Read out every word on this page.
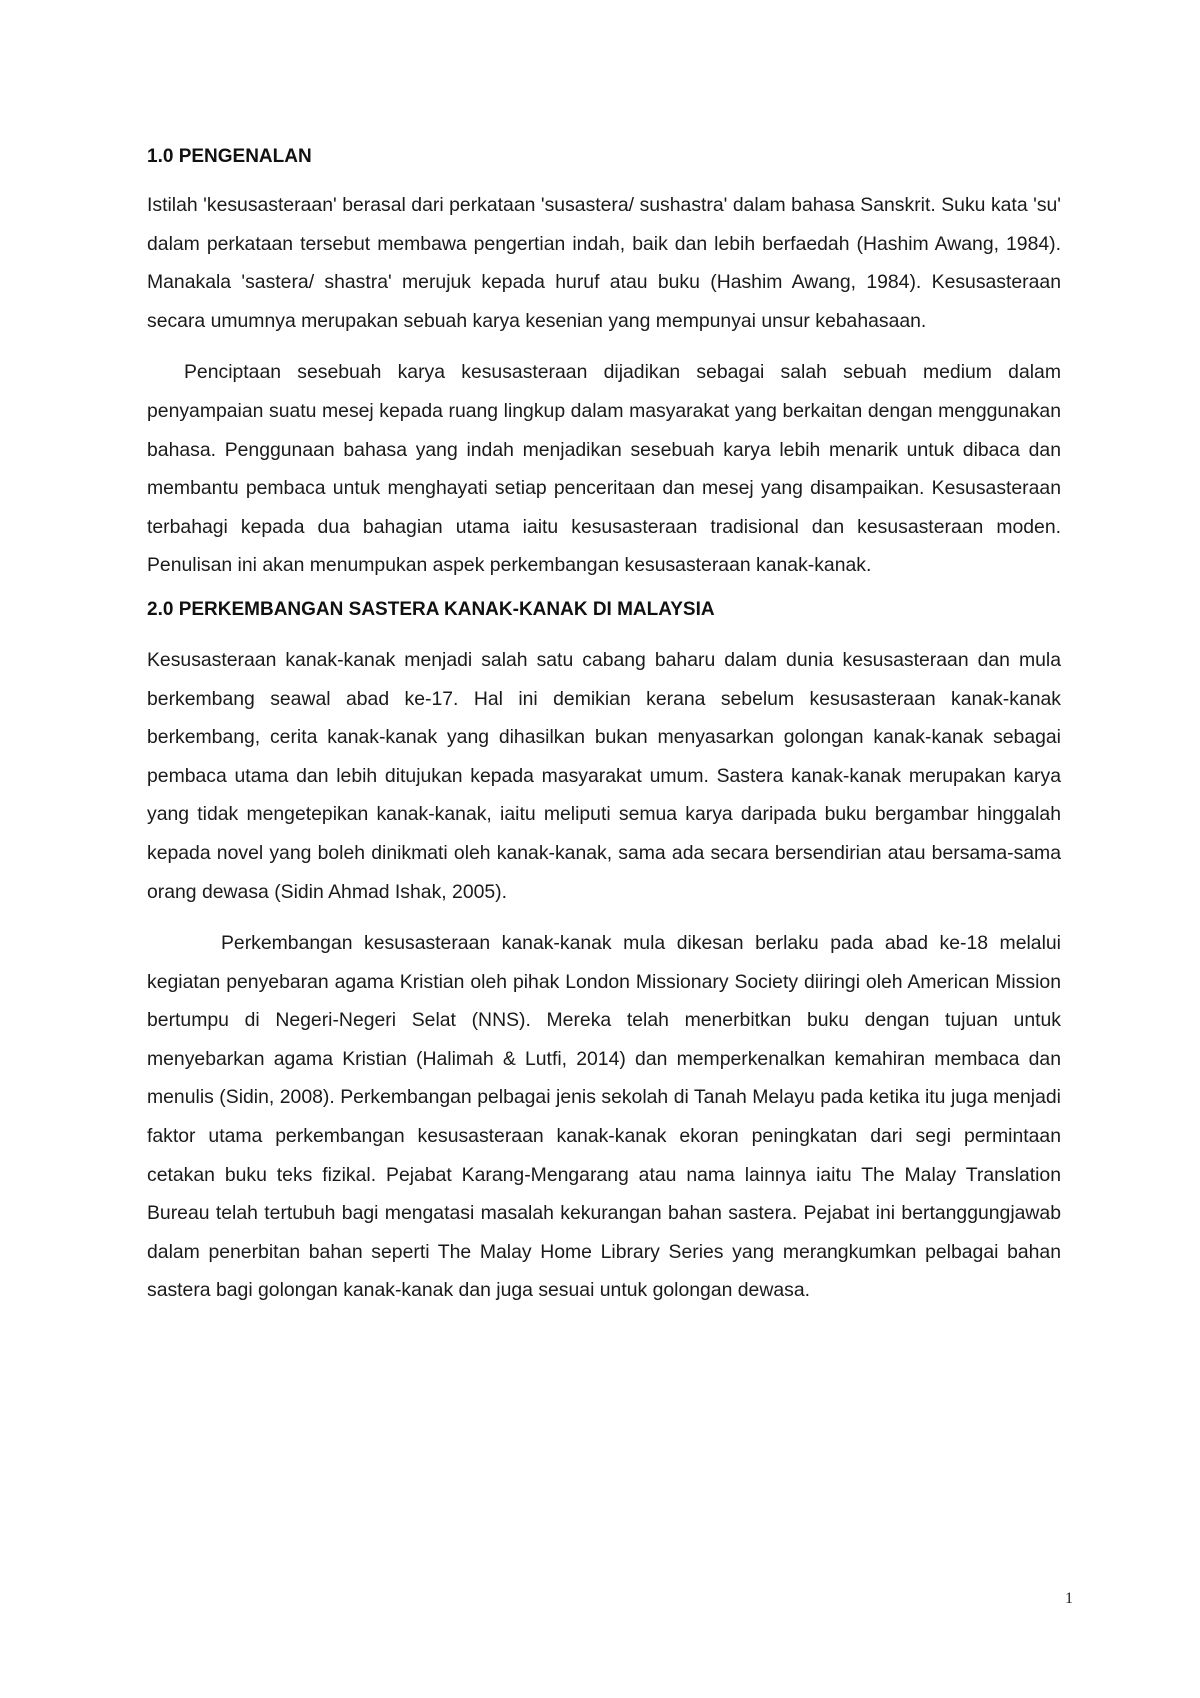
1.0 PENGENALAN

Istilah 'kesusasteraan' berasal dari perkataan 'susastera/ sushastra' dalam bahasa Sanskrit. Suku kata 'su' dalam perkataan tersebut membawa pengertian indah, baik dan lebih berfaedah (Hashim Awang, 1984). Manakala 'sastera/ shastra' merujuk kepada huruf atau buku (Hashim Awang, 1984). Kesusasteraan secara umumnya merupakan sebuah karya kesenian yang mempunyai unsur kebahasaan.

Penciptaan sesebuah karya kesusasteraan dijadikan sebagai salah sebuah medium dalam penyampaian suatu mesej kepada ruang lingkup dalam masyarakat yang berkaitan dengan menggunakan bahasa. Penggunaan bahasa yang indah menjadikan sesebuah karya lebih menarik untuk dibaca dan membantu pembaca untuk menghayati setiap penceritaan dan mesej yang disampaikan. Kesusasteraan terbahagi kepada dua bahagian utama iaitu kesusasteraan tradisional dan kesusasteraan moden. Penulisan ini akan menumpukan aspek perkembangan kesusasteraan kanak-kanak.

2.0 PERKEMBANGAN SASTERA KANAK-KANAK DI MALAYSIA

Kesusasteraan kanak-kanak menjadi salah satu cabang baharu dalam dunia kesusasteraan dan mula berkembang seawal abad ke-17. Hal ini demikian kerana sebelum kesusasteraan kanak-kanak berkembang, cerita kanak-kanak yang dihasilkan bukan menyasarkan golongan kanak-kanak sebagai pembaca utama dan lebih ditujukan kepada masyarakat umum. Sastera kanak-kanak merupakan karya yang tidak mengetepikan kanak-kanak, iaitu meliputi semua karya daripada buku bergambar hinggalah kepada novel yang boleh dinikmati oleh kanak-kanak, sama ada secara bersendirian atau bersama-sama orang dewasa (Sidin Ahmad Ishak, 2005).

Perkembangan kesusasteraan kanak-kanak mula dikesan berlaku pada abad ke-18 melalui kegiatan penyebaran agama Kristian oleh pihak London Missionary Society diiringi oleh American Mission bertumpu di Negeri-Negeri Selat (NNS). Mereka telah menerbitkan buku dengan tujuan untuk menyebarkan agama Kristian (Halimah & Lutfi, 2014) dan memperkenalkan kemahiran membaca dan menulis (Sidin, 2008). Perkembangan pelbagai jenis sekolah di Tanah Melayu pada ketika itu juga menjadi faktor utama perkembangan kesusasteraan kanak-kanak ekoran peningkatan dari segi permintaan cetakan buku teks fizikal. Pejabat Karang-Mengarang atau nama lainnya iaitu The Malay Translation Bureau telah tertubuh bagi mengatasi masalah kekurangan bahan sastera. Pejabat ini bertanggungjawab dalam penerbitan bahan seperti The Malay Home Library Series yang merangkumkan pelbagai bahan sastera bagi golongan kanak-kanak dan juga sesuai untuk golongan dewasa.

1
